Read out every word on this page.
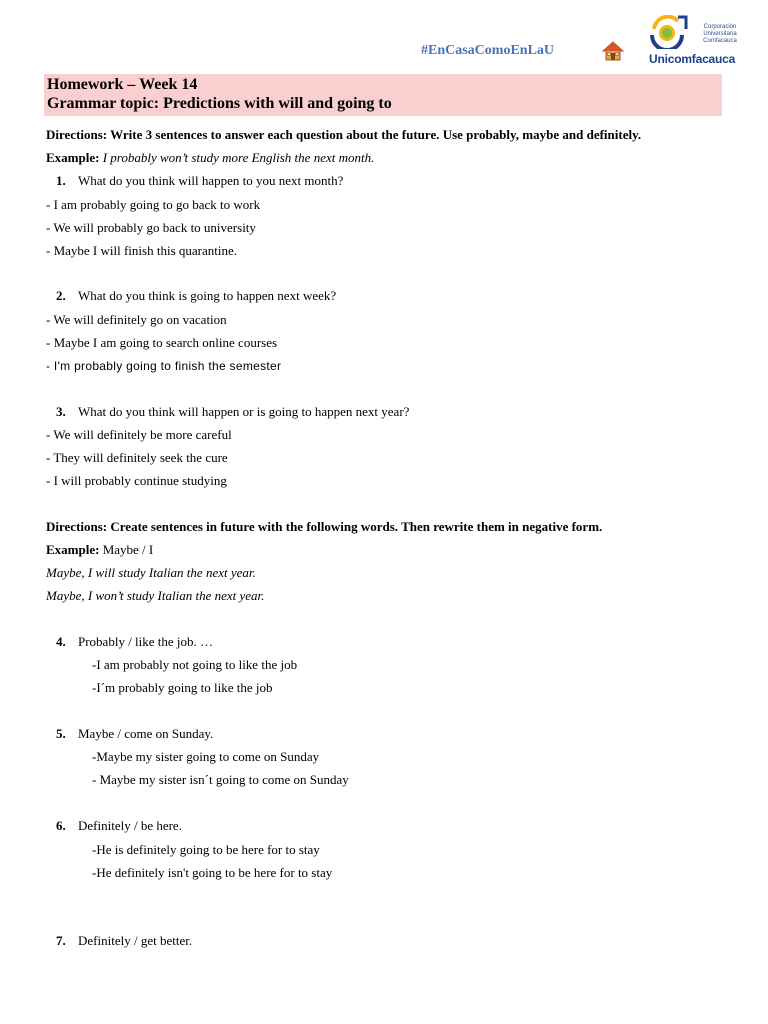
#EnCasaComoEnLaU
Corporación
Universitaria
Comfacauca
Unicomfacauca
Homework – Week 14
Grammar topic: Predictions with will and going to
Directions: Write 3 sentences to answer each question about the future. Use probably, maybe and definitely.
Example: I probably won’t study more English the next month.
1. What do you think will happen to you next month?
- I am probably going to go back to work
- We will probably go back to university
- Maybe I will finish this quarantine.
2. What do you think is going to happen next week?
- We will definitely go on vacation
- Maybe I am going to search online courses
- I'm probably going to finish the semester
3. What do you think will happen or is going to happen next year?
- We will definitely be more careful
- They will definitely seek the cure
- I will probably continue studying
Directions: Create sentences in future with the following words. Then rewrite them in negative form.
Example: Maybe / I
Maybe, I will study Italian the next year.
Maybe, I won’t study Italian the next year.
4. Probably / like the job. …
-I am probably not going to like the job
-I´m probably going to like the job
5. Maybe / come on Sunday.
-Maybe my sister going to come on Sunday
- Maybe my sister isn´t going to come on Sunday
6. Definitely / be here.
-He is definitely going to be here for to stay
-He definitely isn't going to be here for to stay
7. Definitely / get better.
